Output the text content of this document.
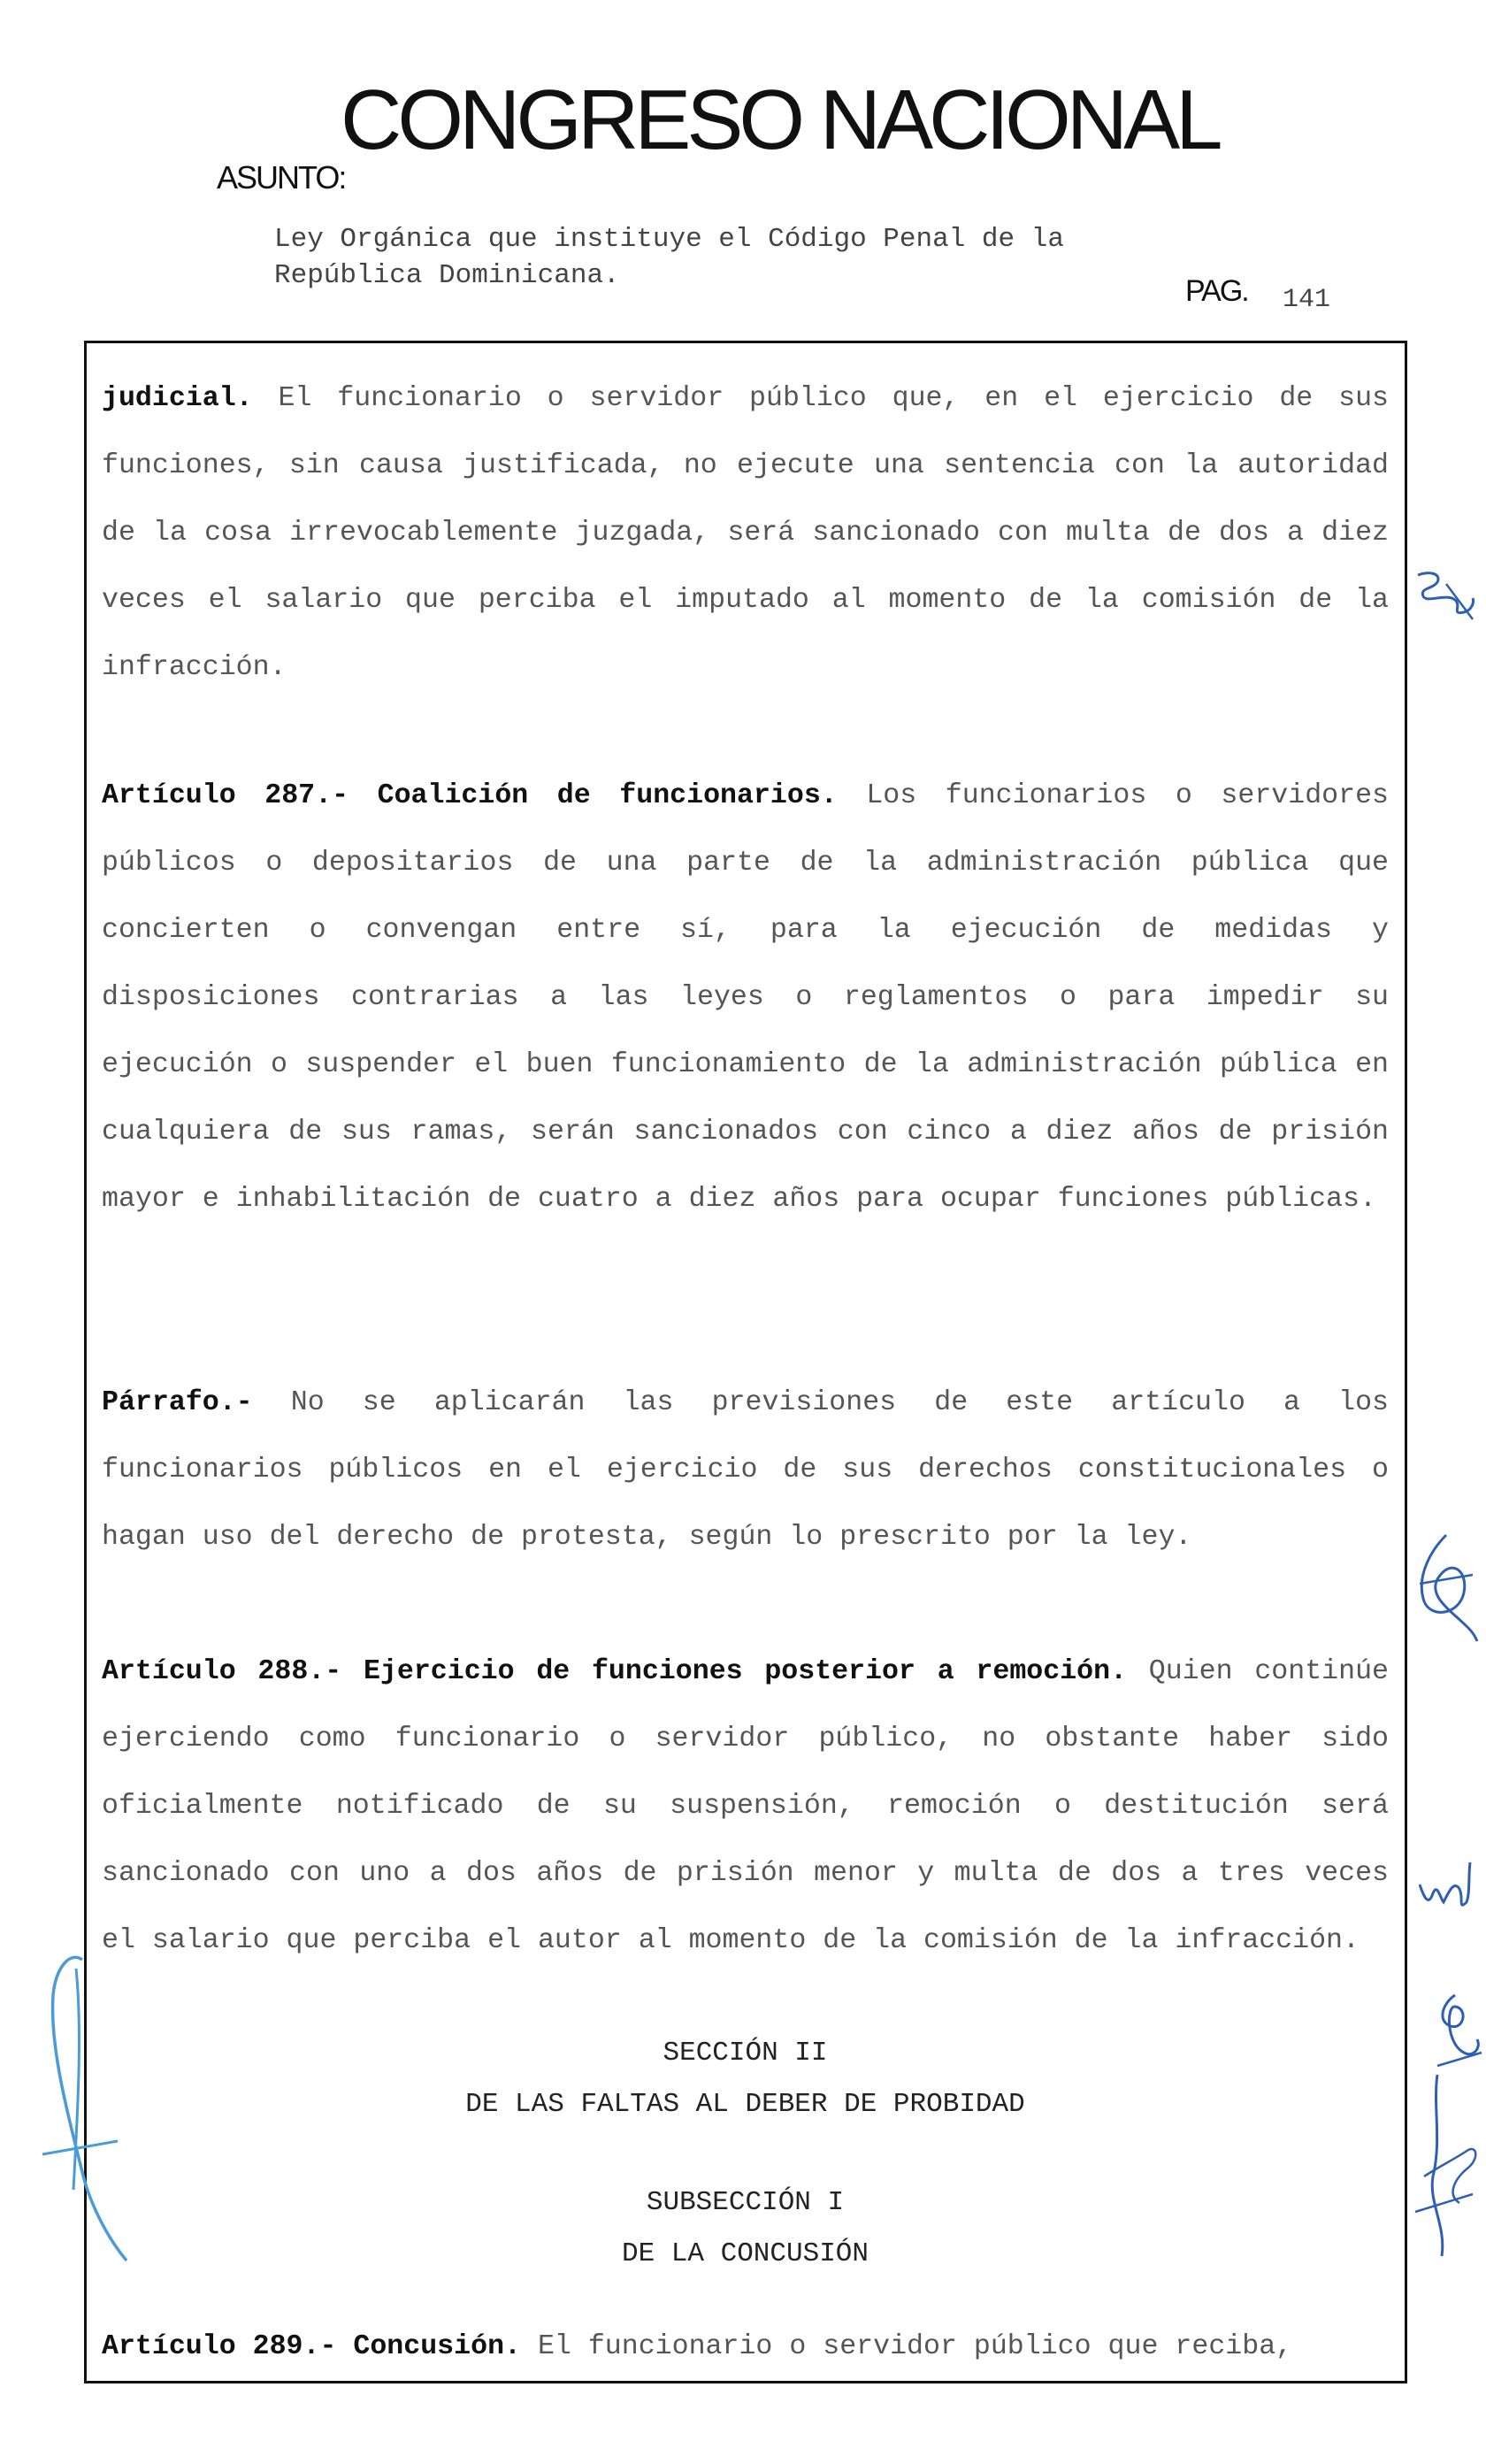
CONGRESO NACIONAL
ASUNTO:
Ley Orgánica que instituye el Código Penal de la
República Dominicana.	PAG. 141

judicial. El funcionario o servidor público que, en el ejercicio de sus funciones, sin causa justificada, no ejecute una sentencia con la autoridad de la cosa irrevocablemente juzgada, será sancionado con multa de dos a diez veces el salario que perciba el imputado al momento de la comisión de la infracción.

Artículo 287.- Coalición de funcionarios. Los funcionarios o servidores públicos o depositarios de una parte de la administración pública que concierten o convengan entre sí, para la ejecución de medidas y disposiciones contrarias a las leyes o reglamentos o para impedir su ejecución o suspender el buen funcionamiento de la administración pública en cualquiera de sus ramas, serán sancionados con cinco a diez años de prisión mayor e inhabilitación de cuatro a diez años para ocupar funciones públicas.

Párrafo.- No se aplicarán las previsiones de este artículo a los funcionarios públicos en el ejercicio de sus derechos constitucionales o hagan uso del derecho de protesta, según lo prescrito por la ley.

Artículo 288.- Ejercicio de funciones posterior a remoción. Quien continúe ejerciendo como funcionario o servidor público, no obstante haber sido oficialmente notificado de su suspensión, remoción o destitución será sancionado con uno a dos años de prisión menor y multa de dos a tres veces el salario que perciba el autor al momento de la comisión de la infracción.

SECCIÓN II

DE LAS FALTAS AL DEBER DE PROBIDAD

SUBSECCIÓN I

DE LA CONCUSIÓN

Artículo 289.- Concusión. El funcionario o servidor público que reciba,
